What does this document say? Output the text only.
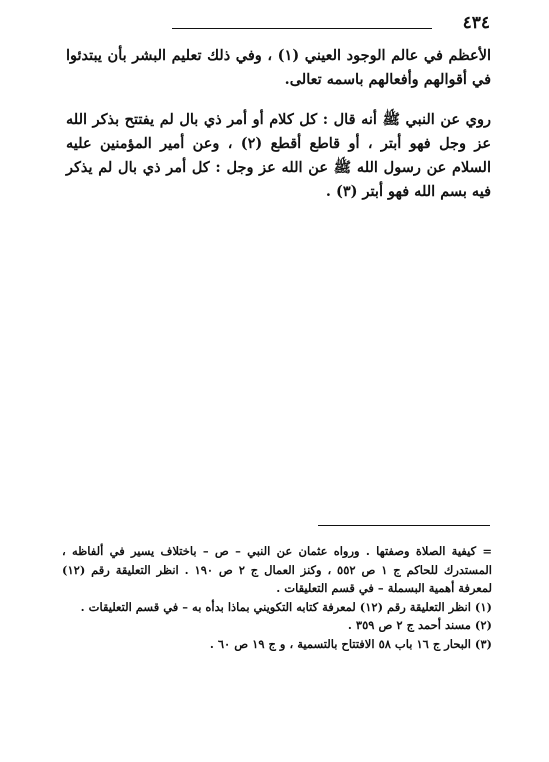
٤٣٤

الأعظم في عالم الوجود العيني (١) ، وفي ذلك تعليم البشر بأن يبتدئوا في أقوالهم وأفعالهم باسمه تعالى.

روي عن النبي ﷺ أنه قال : كل كلام أو أمر ذي بال لم يفتتح بذكر الله عز وجل فهو أبتر ، أو قاطع أقطع (٢) ، وعن أمير المؤمنين عليه السلام عن رسول الله ﷺ عن الله عز وجل : كل أمر ذي بال لم يذكر فيه بسم الله فهو أبتر (٣) .

= كيفية الصلاة وصفتها . ورواه عثمان عن النبي – ص – باختلاف يسير في ألفاظه ، المستدرك للحاكم ج ١ ص ٥٥٢ ، وكنز العمال ج ٢ ص ١٩٠ . انظر التعليقة رقم (١٢) لمعرفة أهمية البسملة – في قسم التعليقات .

(١) انظر التعليقة رقم (١٢) لمعرفة كتابه التكويني بماذا بدأه به – في قسم التعليقات .

(٢) مسند أحمد ج ٢ ص ٣٥٩ .

(٣) البحار ج ١٦ باب ٥٨ الافتتاح بالتسمية ، و ج ١٩ ص ٦٠ .
